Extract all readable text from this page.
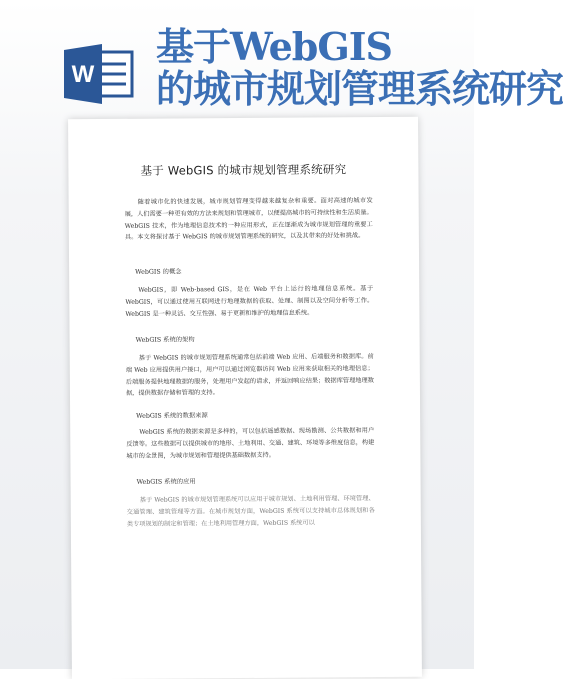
W
基于WebGIS
的城市规划管理系统研究
基于 WebGIS 的城市规划管理系统研究

随着城市化的快速发展，城市规划管理变得越来越复杂和重要。面对高速的城市发展，人们需要一种更有效的方法来规划和管理城市，以便提高城市的可持续性和生活质量。 WebGIS 技术，作为地理信息技术的一种应用形式，正在逐渐成为城市规划管理的重要工具。本文将探讨基于 WebGIS 的城市规划管理系统的研究，以及其带来的好处和挑战。

WebGIS 的概念

WebGIS，即 Web-based GIS，是在 Web 平台上运行的地理信息系统。基于WebGIS，可以通过使用互联网进行地理数据的获取、处理、制图以及空间分析等工作。 WebGIS 是一种灵活、交互性强、易于更新和维护的地理信息系统。

WebGIS 系统的架构

基于 WebGIS 的城市规划管理系统通常包括前端 Web 应用、后端服务和数据库。前端 Web 应用提供用户接口，用户可以通过浏览器访问 Web 应用来获取相关的地理信息；后端服务提供地理数据的服务，处理用户发起的请求，并返回响应结果；数据库管理地理数据，提供数据存储和管理的支持。

WebGIS 系统的数据来源

WebGIS 系统的数据来源是多样的，可以包括遥感数据、现场勘测、公共数据和用户反馈等。这些数据可以提供城市的地形、土地利用、交通、建筑、环境等多维度信息，构建城市的全景图，为城市规划和管理提供基础数据支持。

WebGIS 系统的应用

基于 WebGIS 的城市规划管理系统可以应用于城市规划、土地利用管理、环境管理、交通管理、建筑管理等方面。在城市规划方面，WebGIS 系统可以支持城市总体规划和各类专项规划的制定和管理；在土地利用管理方面，WebGIS 系统可以
